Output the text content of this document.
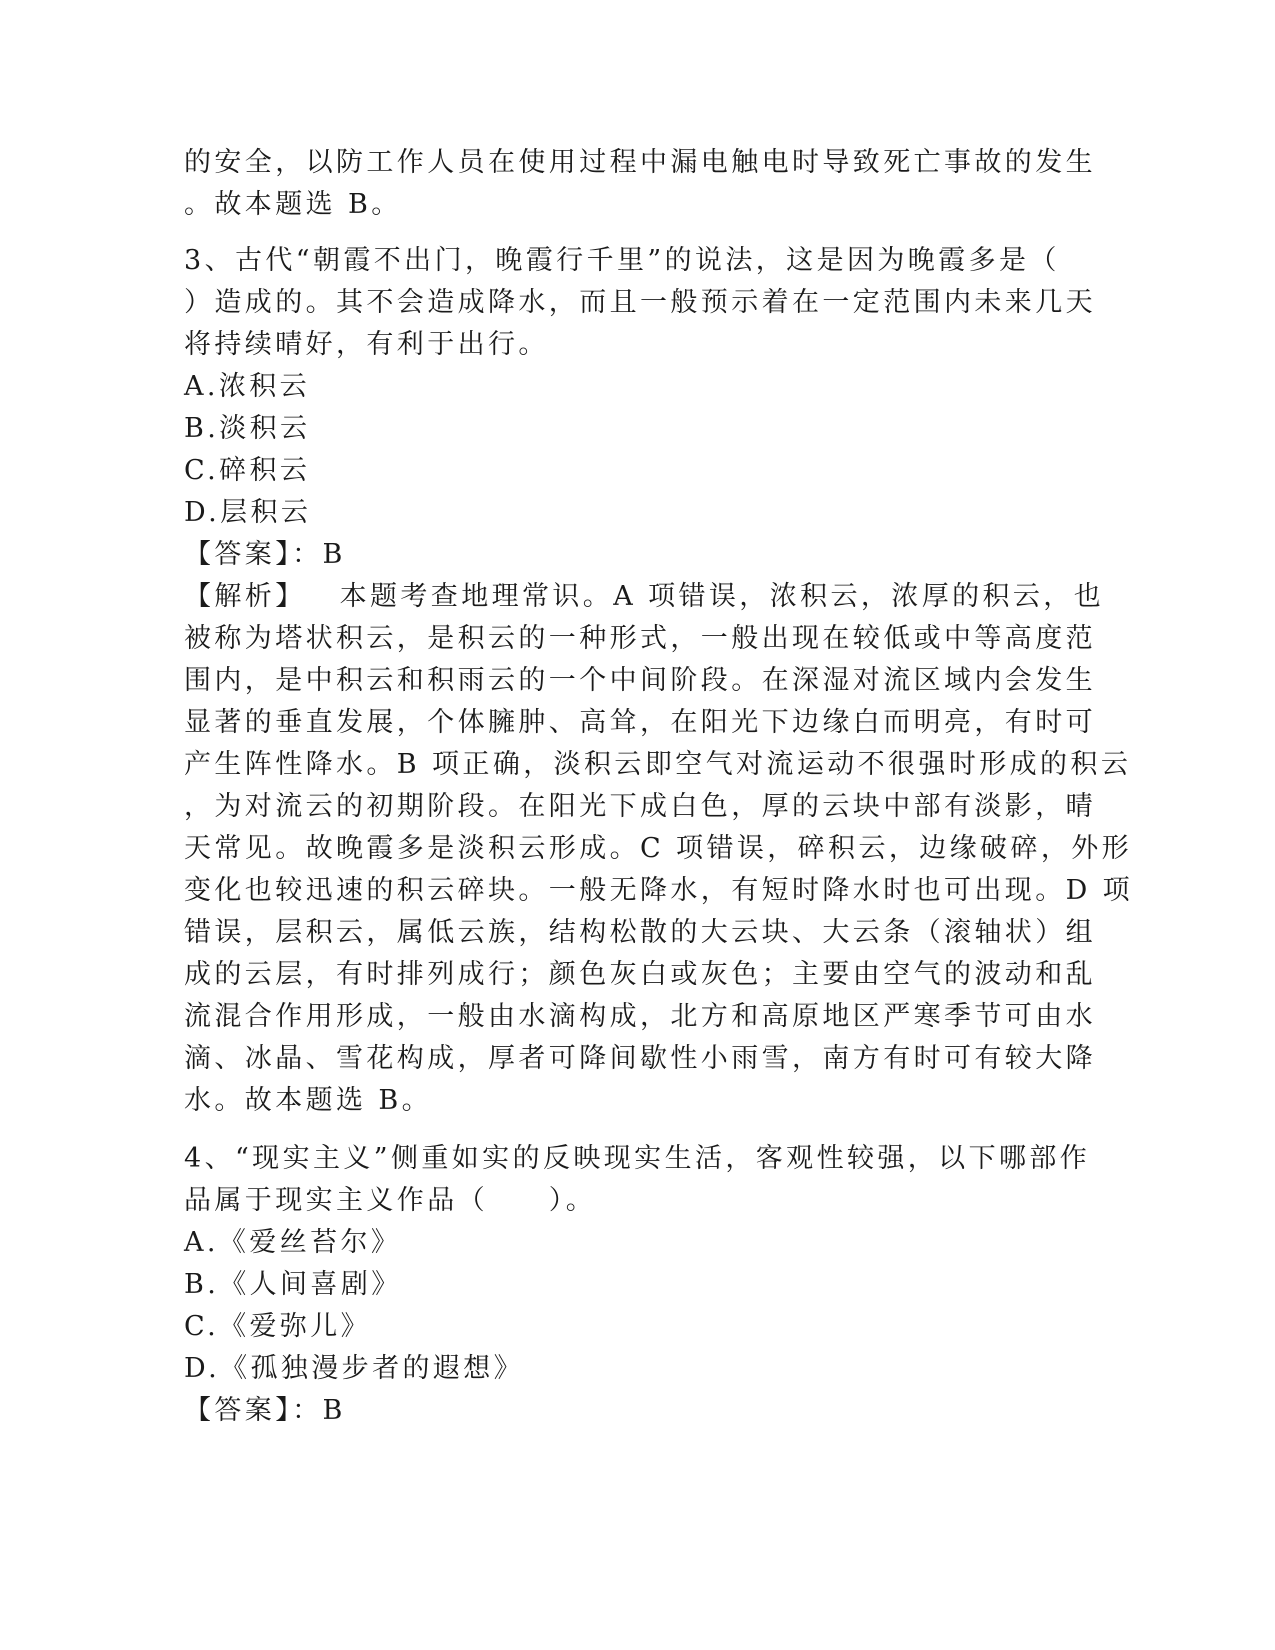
的安全，以防工作人员在使用过程中漏电触电时导致死亡事故的发生

。故本题选 B。

3、古代“朝霞不出门，晚霞行千里”的说法，这是因为晚霞多是（

）造成的。其不会造成降水，而且一般预示着在一定范围内未来几天

将持续晴好，有利于出行。

A.浓积云

B.淡积云

C.碎积云

D.层积云

【答案】：B

【解析】 本题考查地理常识。A 项错误，浓积云，浓厚的积云，也

被称为塔状积云，是积云的一种形式，一般出现在较低或中等高度范

围内，是中积云和积雨云的一个中间阶段。在深湿对流区域内会发生

显著的垂直发展，个体臃肿、高耸，在阳光下边缘白而明亮，有时可

产生阵性降水。B 项正确，淡积云即空气对流运动不很强时形成的积云

，为对流云的初期阶段。在阳光下成白色，厚的云块中部有淡影，晴

天常见。故晚霞多是淡积云形成。C 项错误，碎积云，边缘破碎，外形

变化也较迅速的积云碎块。一般无降水，有短时降水时也可出现。D 项

错误，层积云，属低云族，结构松散的大云块、大云条（滚轴状）组

成的云层，有时排列成行；颜色灰白或灰色；主要由空气的波动和乱

流混合作用形成，一般由水滴构成，北方和高原地区严寒季节可由水

滴、冰晶、雪花构成，厚者可降间歇性小雨雪，南方有时可有较大降

水。故本题选 B。

4、“现实主义”侧重如实的反映现实生活，客观性较强，以下哪部作

品属于现实主义作品（　　）。

A.《爱丝苔尔》

B.《人间喜剧》

C.《爱弥儿》

D.《孤独漫步者的遐想》

【答案】：B
